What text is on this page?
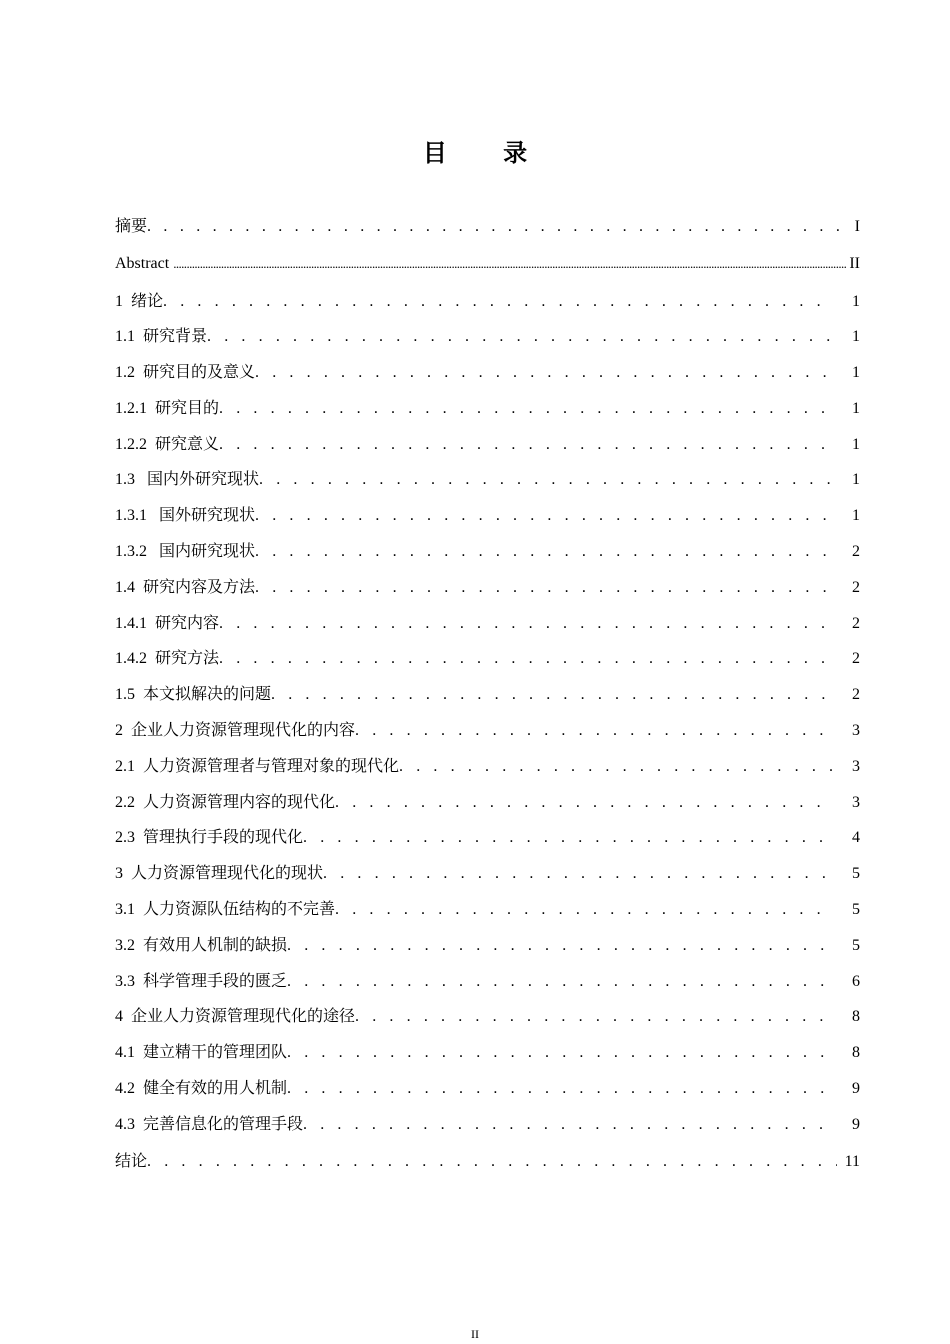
目 录
摘要 . . .	I
Abstract .....	II
1  绪论 . . .	1
1.1  研究背景 . . .	1
1.2  研究目的及意义 . . .	1
1.2.1  研究目的 . . .	1
1.2.2  研究意义 . . .	1
1.3   国内外研究现状 . . .	1
1.3.1   国外研究现状 . . .	1
1.3.2   国内研究现状 . . .	2
1.4  研究内容及方法 . . .	2
1.4.1  研究内容 . . .	2
1.4.2  研究方法 . . .	2
1.5  本文拟解决的问题 . . .	2
2  企业人力资源管理现代化的内容 . . .	3
2.1  人力资源管理者与管理对象的现代化 . . .	3
2.2  人力资源管理内容的现代化 . . .	3
2.3  管理执行手段的现代化 . . .	4
3  人力资源管理现代化的现状 . . .	5
3.1  人力资源队伍结构的不完善 . . .	5
3.2  有效用人机制的缺损 . . .	5
3.3  科学管理手段的匮乏 . . .	6
4  企业人力资源管理现代化的途径 . . .	8
4.1  建立精干的管理团队 . . .	8
4.2  健全有效的用人机制 . . .	9
4.3  完善信息化的管理手段 . . .	9
结论 . . .	11
II
